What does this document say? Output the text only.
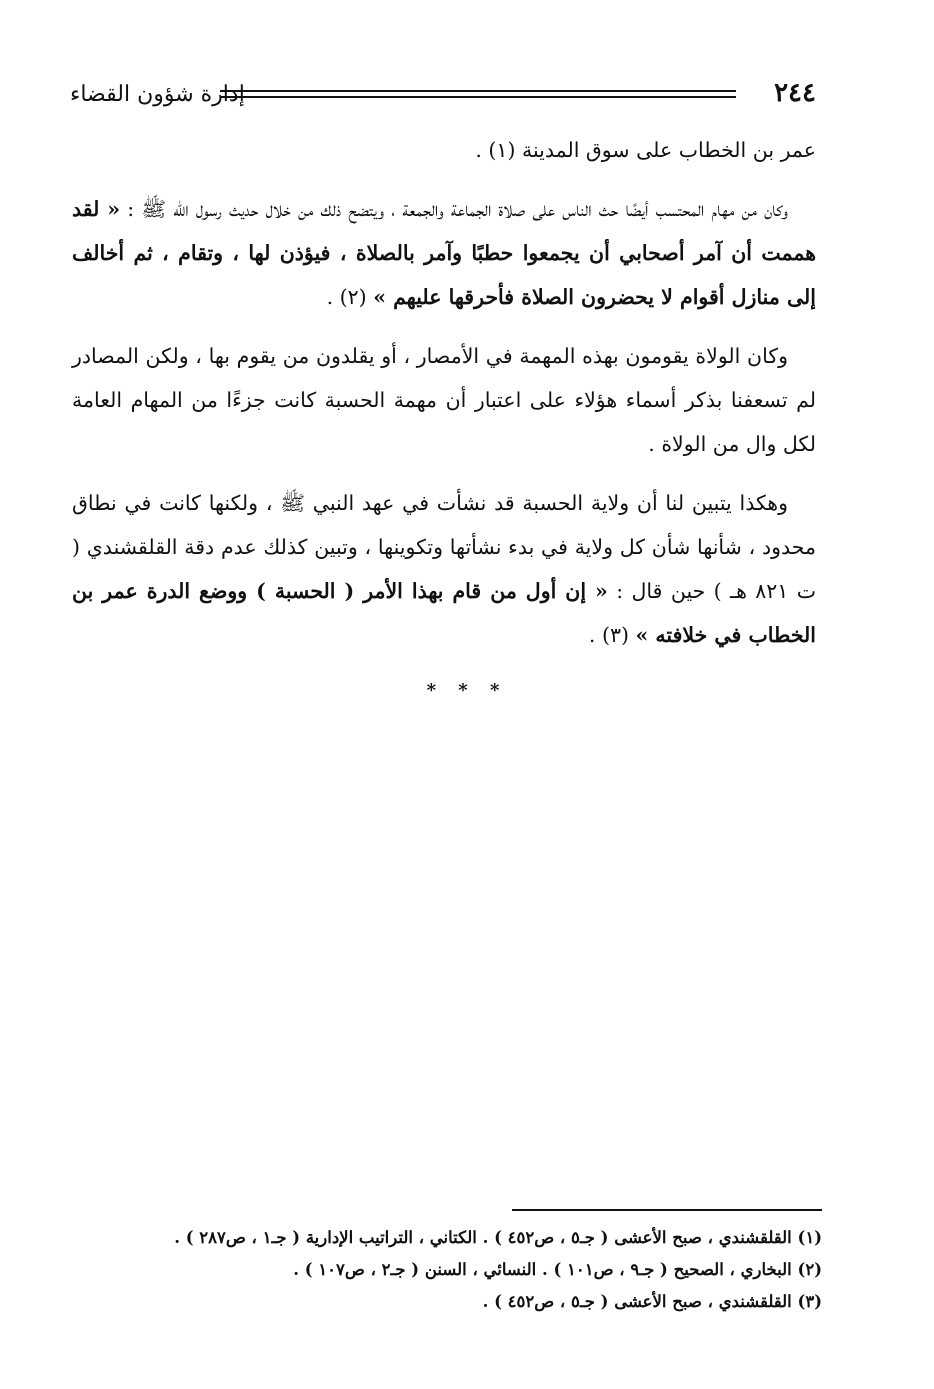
٢٤٤
إدارة شؤون القضاء

عمر بن الخطاب على سوق المدينة (١) .

وكان من مهام المحتسب أيضًا حث الناس على صلاة الجماعة والجمعة ، ويتضح ذلك من خلال حديث رسول الله ﷺ : « لقد هممت أن آمر أصحابي أن يجمعوا حطبًا وآمر بالصلاة ، فيؤذن لها ، وتقام ، ثم أخالف إلى منازل أقوام لا يحضرون الصلاة فأحرقها عليهم » (٢) .

وكان الولاة يقومون بهذه المهمة في الأمصار ، أو يقلدون من يقوم بها ، ولكن المصادر لم تسعفنا بذكر أسماء هؤلاء على اعتبار أن مهمة الحسبة كانت جزءًا من المهام العامة لكل وال من الولاة .

وهكذا يتبين لنا أن ولاية الحسبة قد نشأت في عهد النبي ﷺ ، ولكنها كانت في نطاق محدود ، شأنها شأن كل ولاية في بدء نشأتها وتكوينها ، وتبين كذلك عدم دقة القلقشندي ( ت ٨٢١ هـ ) حين قال : « إن أول من قام بهذا الأمر ( الحسبة ) ووضع الدرة عمر بن الخطاب في خلافته » (٣) .

* * *
(١) القلقشندي ، صبح الأعشى ( جـ٥ ، ص٤٥٢ ) . الكتاني ، التراتيب الإدارية ( جـ١ ، ص٢٨٧ ) .
(٢) البخاري ، الصحيح ( جـ٩ ، ص١٠١ ) . النسائي ، السنن ( جـ٢ ، ص١٠٧ ) .
(٣) القلقشندي ، صبح الأعشى ( جـ٥ ، ص٤٥٢ ) .
